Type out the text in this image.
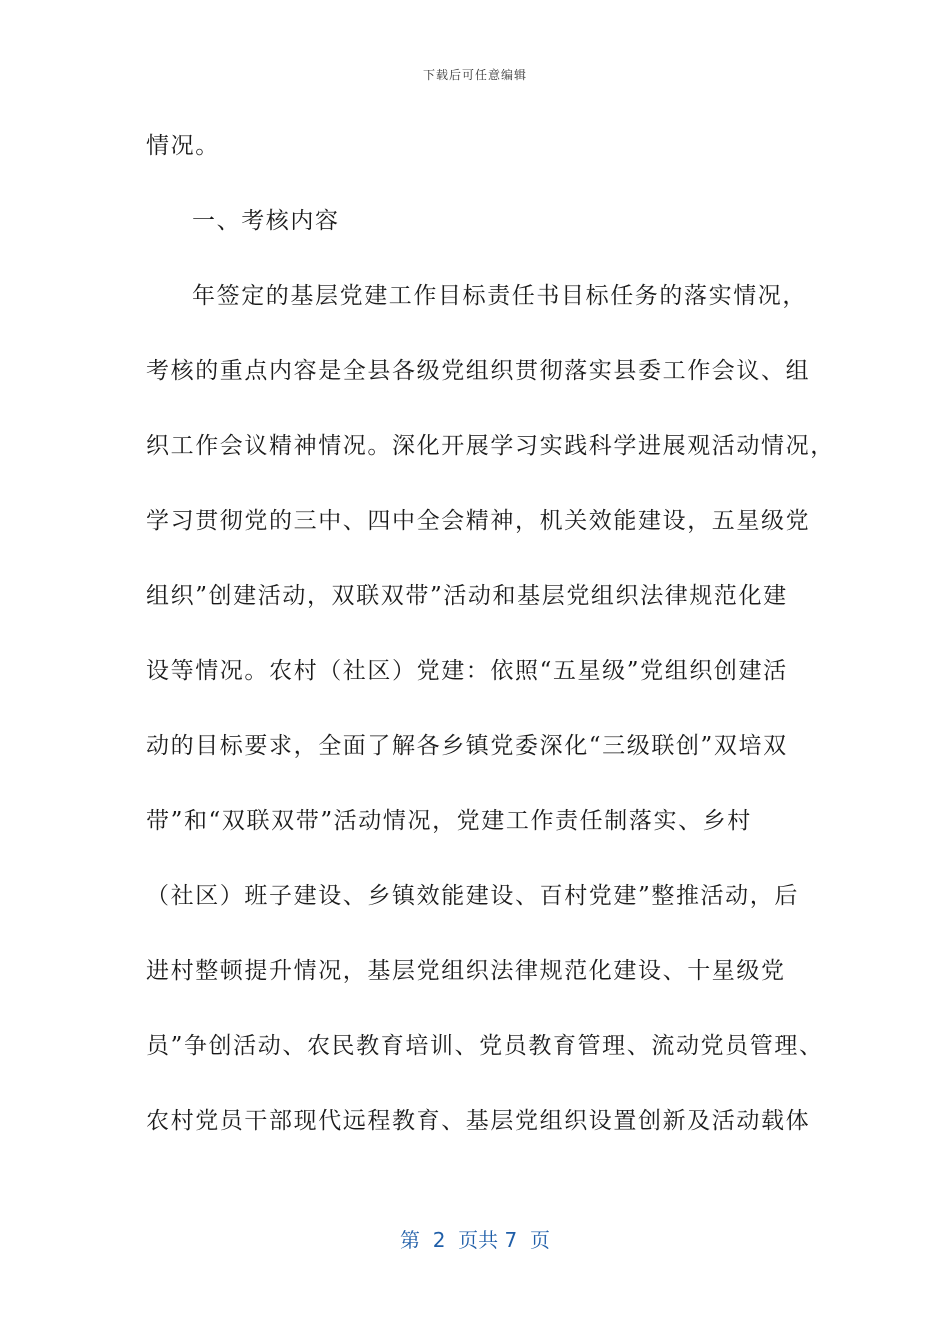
下载后可任意编辑
情况。
一、考核内容
年签定的基层党建工作目标责任书目标任务的落实情况，
考核的重点内容是全县各级党组织贯彻落实县委工作会议、组
织工作会议精神情况。深化开展学习实践科学进展观活动情况，
学习贯彻党的三中、四中全会精神，机关效能建设，五星级党
组织”创建活动，双联双带”活动和基层党组织法律规范化建
设等情况。农村（社区）党建：依照“五星级”党组织创建活
动的目标要求，全面了解各乡镇党委深化“三级联创”双培双
带”和“双联双带”活动情况，党建工作责任制落实、乡村
（社区）班子建设、乡镇效能建设、百村党建”整推活动，后
进村整顿提升情况，基层党组织法律规范化建设、十星级党
员”争创活动、农民教育培训、党员教育管理、流动党员管理、
农村党员干部现代远程教育、基层党组织设置创新及活动载体
第  2  页共 7  页
